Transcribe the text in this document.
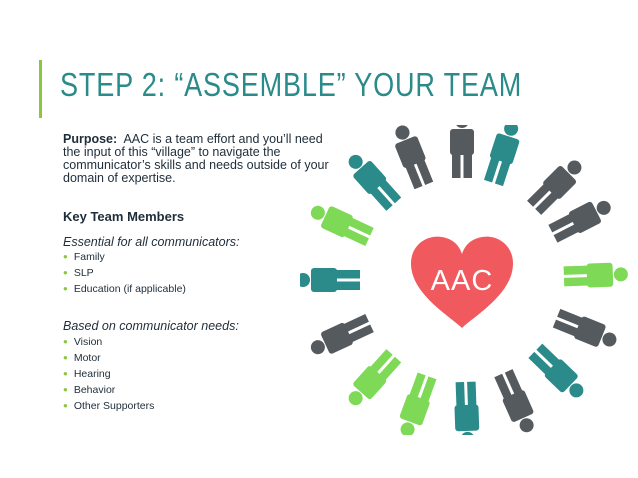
STEP 2: “ASSEMBLE” YOUR TEAM

Purpose: AAC is a team effort and you’ll need the input of this “village” to navigate the communicator’s skills and needs outside of your domain of expertise.

Key Team Members

Essential for all communicators:

● Family
● SLP
● Education (if applicable)

Based on communicator needs:

● Vision
● Motor
● Hearing
● Behavior
● Other Supporters
AAC
